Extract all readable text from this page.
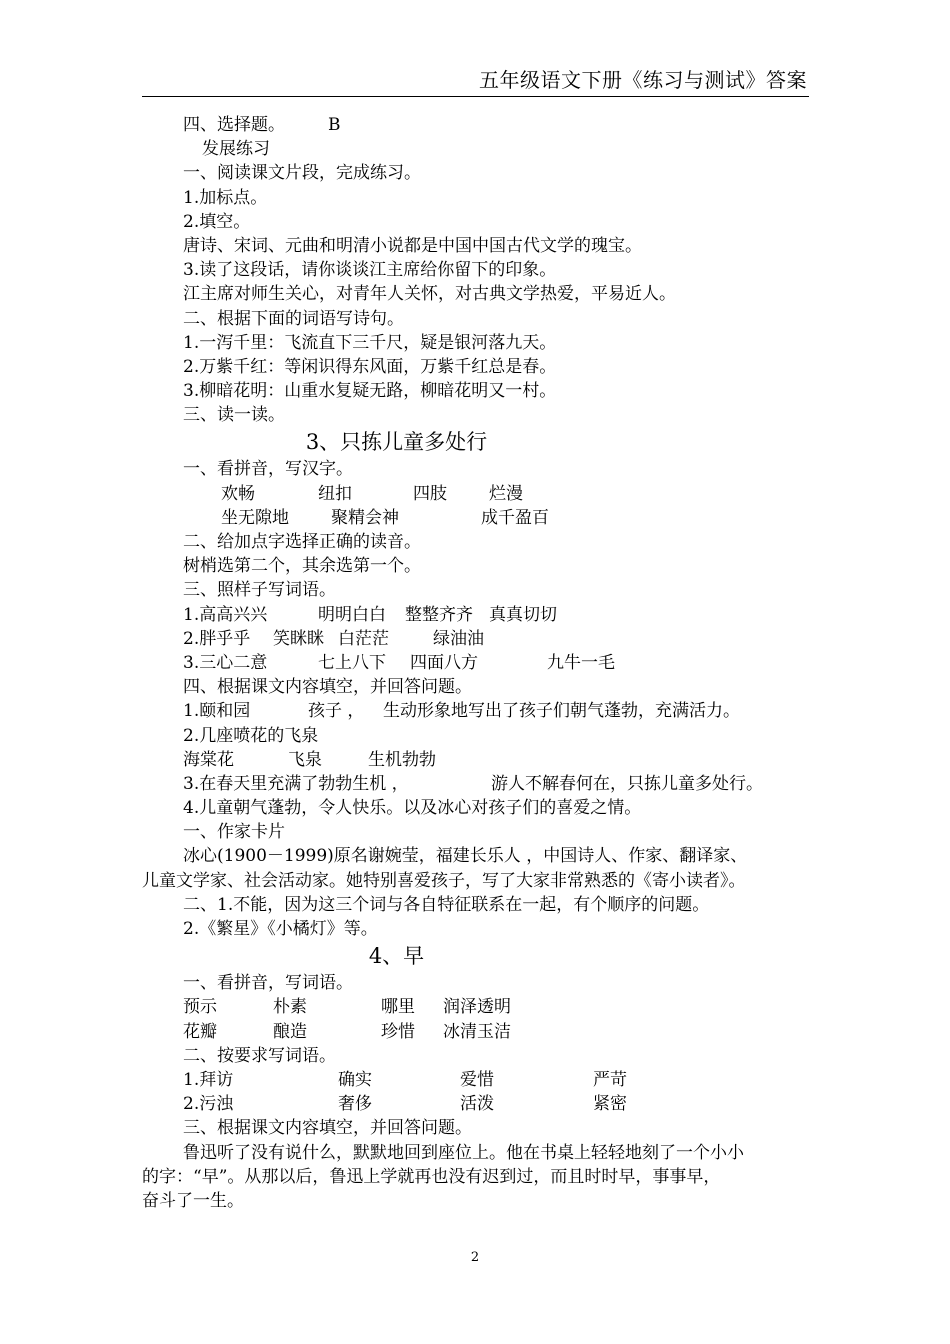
五年级语文下册《练习与测试》答案
四、选择题。	B
发展练习
一、阅读课文片段，完成练习。
1.加标点。
2.填空。
唐诗、宋词、元曲和明清小说都是中国中国古代文学的瑰宝。
3.读了这段话，请你谈谈江主席给你留下的印象。
江主席对师生关心，对青年人关怀，对古典文学热爱，平易近人。
二、根据下面的词语写诗句。
1.一泻千里：飞流直下三千尺，疑是银河落九天。
2.万紫千红：等闲识得东风面，万紫千红总是春。
3.柳暗花明：山重水复疑无路，柳暗花明又一村。
三、读一读。
3、只拣儿童多处行
一、看拼音，写汉字。
欢畅	纽扣	四肢 烂漫
坐无隙地 聚精会神	成千盈百
二、给加点字选择正确的读音。
树梢选第二个，其余选第一个。
三、照样子写词语。
1.高高兴兴	明明白白 整整齐齐 真真切切
2.胖乎乎 笑眯眯 白茫茫	绿油油
3.三心二意	七上八下 四面八方	九牛一毛
四、根据课文内容填空，并回答问题。
1.颐和园	孩子 ， 生动形象地写出了孩子们朝气蓬勃，充满活力。
2.几座喷花的飞泉
海棠花	飞泉	生机勃勃
3.在春天里充满了勃勃生机 ，	游人不解春何在，只拣儿童多处行。
4.儿童朝气蓬勃，令人快乐。以及冰心对孩子们的喜爱之情。
一、作家卡片
冰心(1900－1999)原名谢婉莹，福建长乐人 ，中国诗人、作家、翻译家、
儿童文学家、社会活动家。她特别喜爱孩子，写了大家非常熟悉的《寄小读者》。
二、1.不能，因为这三个词与各自特征联系在一起，有个顺序的问题。
2.《繁星》《小橘灯》等。
4、早
一、看拼音，写词语。
预示	朴素	哪里 润泽透明
花瓣	酿造	珍惜 冰清玉洁
二、按要求写词语。
1.拜访	确实	爱惜	严苛
2.污浊	奢侈	活泼	紧密
三、根据课文内容填空，并回答问题。
鲁迅听了没有说什么，默默地回到座位上。他在书桌上轻轻地刻了一个小小
的字：“早”。从那以后，鲁迅上学就再也没有迟到过，而且时时早，事事早，
奋斗了一生。
2
